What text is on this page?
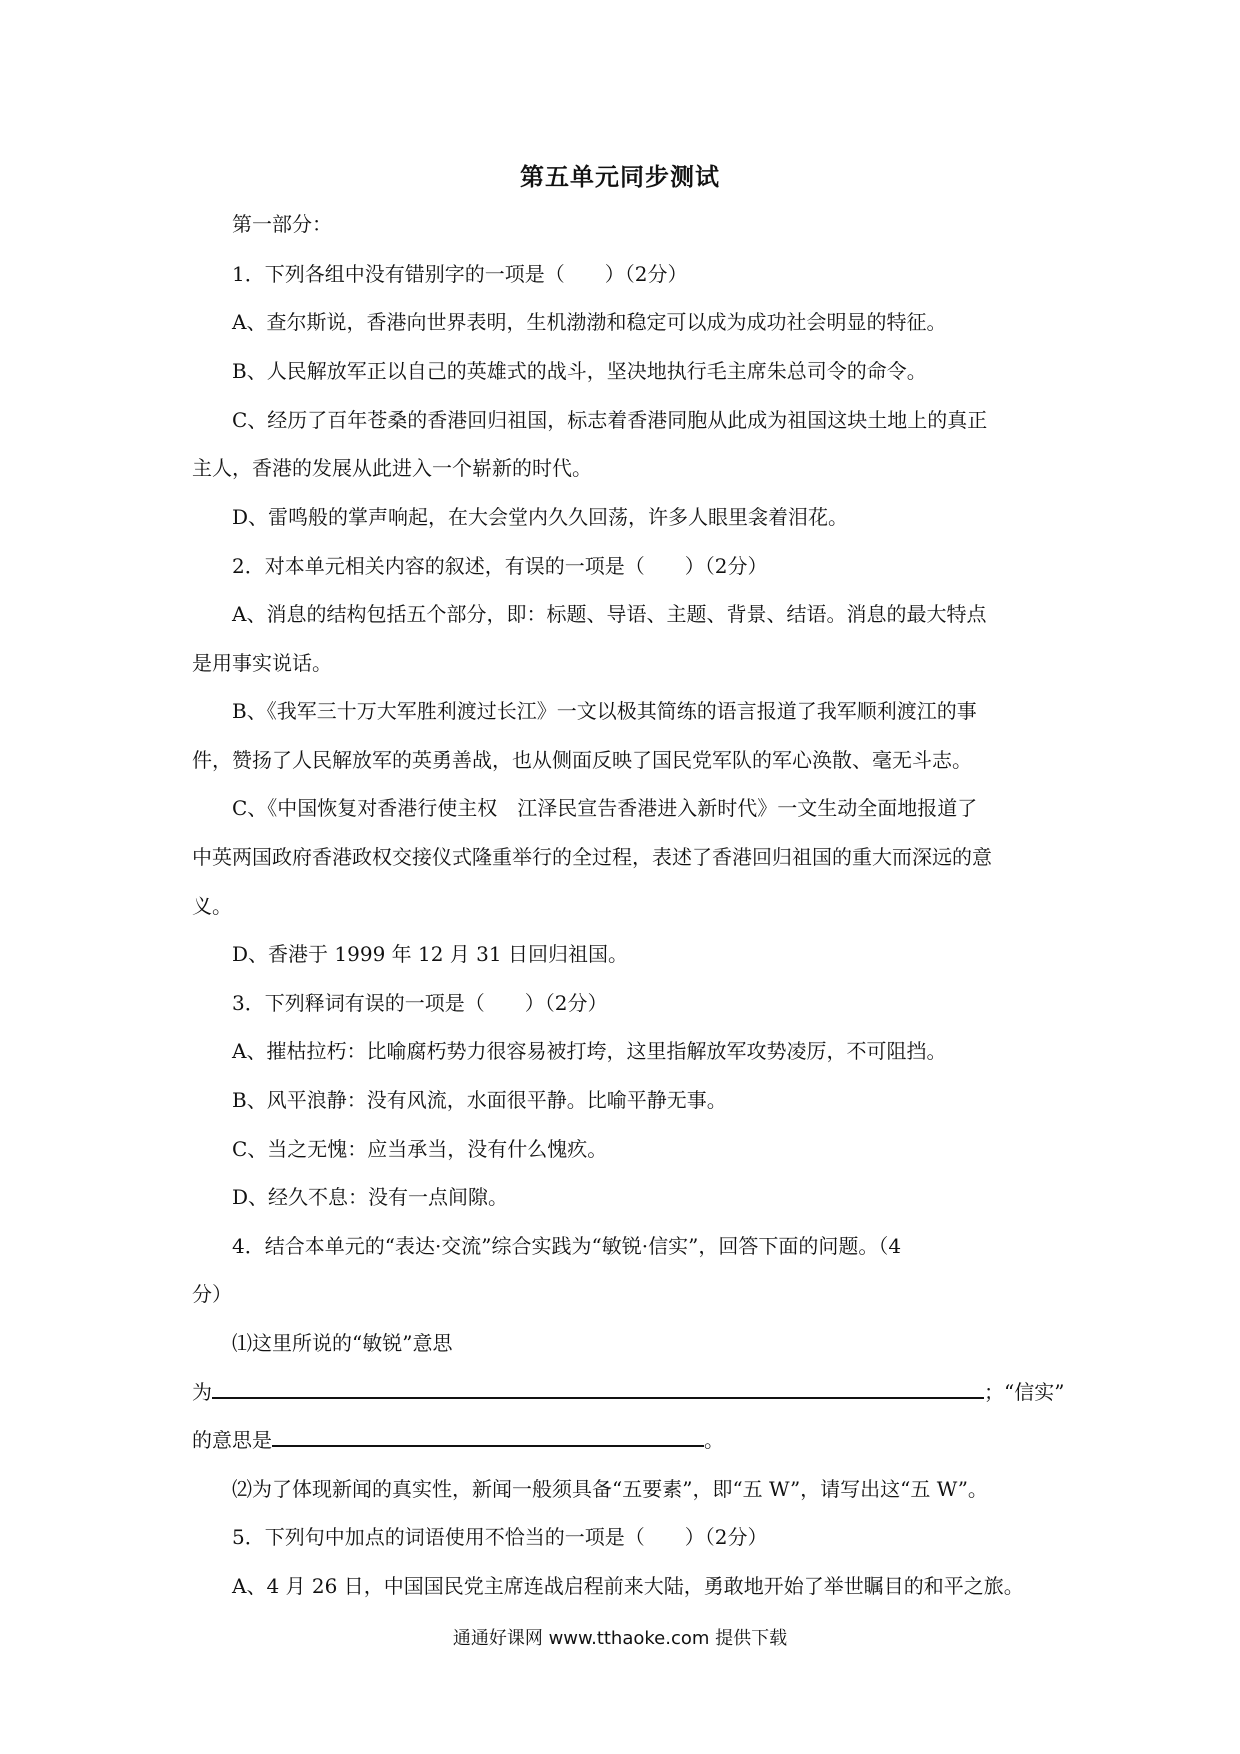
第五单元同步测试
第一部分：
1．下列各组中没有错别字的一项是（　　）（2分）
A、查尔斯说，香港向世界表明，生机渤渤和稳定可以成为成功社会明显的特征。
B、人民解放军正以自己的英雄式的战斗，坚决地执行毛主席朱总司令的命令。
C、经历了百年苍桑的香港回归祖国，标志着香港同胞从此成为祖国这块土地上的真正
主人，香港的发展从此进入一个崭新的时代。
D、雷鸣般的掌声响起，在大会堂内久久回荡，许多人眼里衾着泪花。
2．对本单元相关内容的叙述，有误的一项是（　　）（2分）
A、消息的结构包括五个部分，即：标题、导语、主题、背景、结语。消息的最大特点
是用事实说话。
B、《我军三十万大军胜利渡过长江》一文以极其简练的语言报道了我军顺利渡江的事
件，赞扬了人民解放军的英勇善战，也从侧面反映了国民党军队的军心涣散、毫无斗志。
C、《中国恢复对香港行使主权　江泽民宣告香港进入新时代》一文生动全面地报道了
中英两国政府香港政权交接仪式隆重举行的全过程，表述了香港回归祖国的重大而深远的意
义。
D、香港于 1999 年 12 月 31 日回归祖国。
3．下列释词有误的一项是（　　）（2分）
A、摧枯拉朽：比喻腐朽势力很容易被打垮，这里指解放军攻势凌厉，不可阻挡。
B、风平浪静：没有风流，水面很平静。比喻平静无事。
C、当之无愧：应当承当，没有什么愧疚。
D、经久不息：没有一点间隙。
4．结合本单元的“表达·交流”综合实践为“敏锐·信实”，回答下面的问题。（4
分）
⑴这里所说的“敏锐”意思
为	；“信实”
的意思是	。
⑵为了体现新闻的真实性，新闻一般须具备“五要素”，即“五 W”，请写出这“五 W”。
5．下列句中加点的词语使用不恰当的一项是（　　）（2分）
A、4 月 26 日，中国国民党主席连战启程前来大陆，勇敢地开始了举世瞩目的和平之旅。
通通好课网 www.tthaoke.com 提供下载
